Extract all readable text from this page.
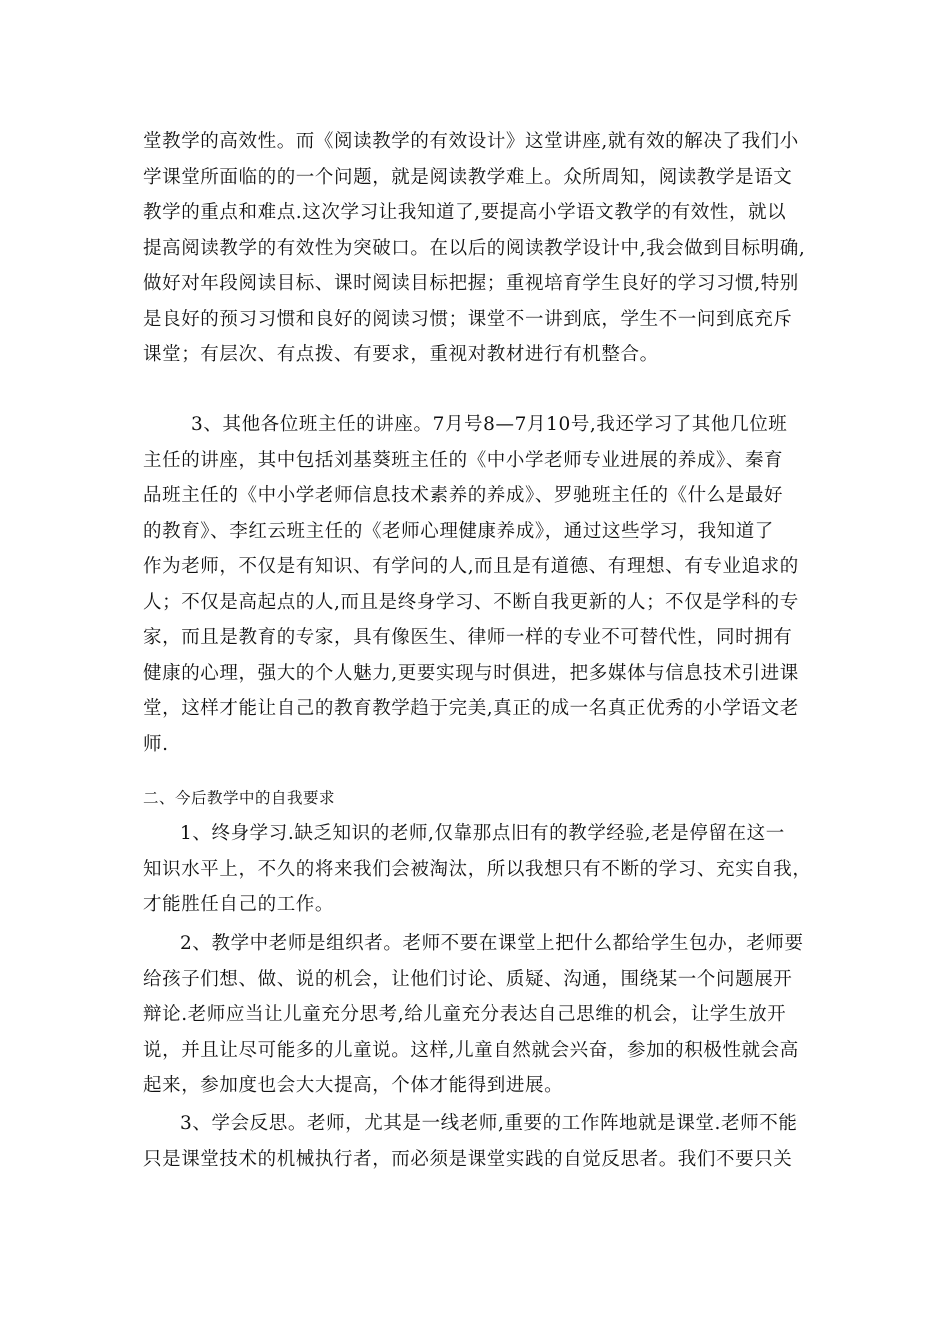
堂教学的高效性。而《阅读教学的有效设计》这堂讲座,就有效的解决了我们小
学课堂所面临的的一个问题，就是阅读教学难上。众所周知，阅读教学是语文
教学的重点和难点.这次学习让我知道了,要提高小学语文教学的有效性，就以
提高阅读教学的有效性为突破口。在以后的阅读教学设计中,我会做到目标明确,
做好对年段阅读目标、课时阅读目标把握；重视培育学生良好的学习习惯,特别
是良好的预习习惯和良好的阅读习惯；课堂不一讲到底，学生不一问到底充斥
课堂；有层次、有点拨、有要求，重视对教材进行有机整合。
3、其他各位班主任的讲座。7月号8—7月10号,我还学习了其他几位班
主任的讲座，其中包括刘基葵班主任的《中小学老师专业进展的养成》、秦育
品班主任的《中小学老师信息技术素养的养成》、罗驰班主任的《什么是最好
的教育》、李红云班主任的《老师心理健康养成》，通过这些学习，我知道了
作为老师，不仅是有知识、有学问的人,而且是有道德、有理想、有专业追求的
人；不仅是高起点的人,而且是终身学习、不断自我更新的人；不仅是学科的专
家，而且是教育的专家，具有像医生、律师一样的专业不可替代性，同时拥有
健康的心理，强大的个人魅力,更要实现与时俱进，把多媒体与信息技术引进课
堂，这样才能让自己的教育教学趋于完美,真正的成一名真正优秀的小学语文老
师.
二、今后教学中的自我要求
1、终身学习.缺乏知识的老师,仅靠那点旧有的教学经验,老是停留在这一
知识水平上，不久的将来我们会被淘汰，所以我想只有不断的学习、充实自我，
才能胜任自己的工作。
2、教学中老师是组织者。老师不要在课堂上把什么都给学生包办，老师要
给孩子们想、做、说的机会，让他们讨论、质疑、沟通，围绕某一个问题展开
辩论.老师应当让儿童充分思考,给儿童充分表达自己思维的机会，让学生放开
说，并且让尽可能多的儿童说。这样,儿童自然就会兴奋，参加的积极性就会高
起来，参加度也会大大提高，个体才能得到进展。
3、学会反思。老师，尤其是一线老师,重要的工作阵地就是课堂.老师不能
只是课堂技术的机械执行者，而必须是课堂实践的自觉反思者。我们不要只关
